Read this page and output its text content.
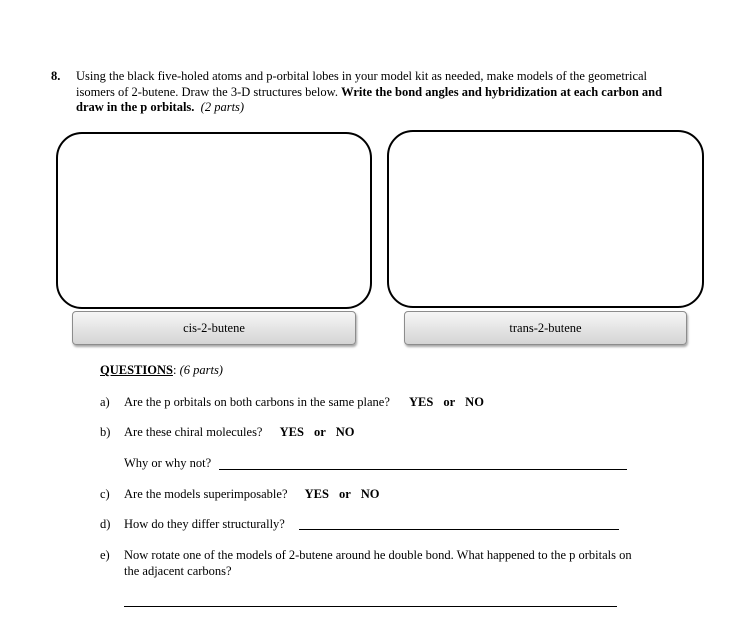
8. Using the black five-holed atoms and p-orbital lobes in your model kit as needed, make models of the geometrical isomers of 2-butene. Draw the 3-D structures below. Write the bond angles and hybridization at each carbon and draw in the p orbitals. (2 parts)
cis-2-butene	trans-2-butene
QUESTIONS: (6 parts)
a) Are the p orbitals on both carbons in the same plane? YES or NO
b) Are these chiral molecules? YES or NO
Why or why not?
c) Are the models superimposable? YES or NO
d) How do they differ structurally?
e)	Now rotate one of the models of 2-butene around he double bond. What happened to the p orbitals on
the adjacent carbons?
